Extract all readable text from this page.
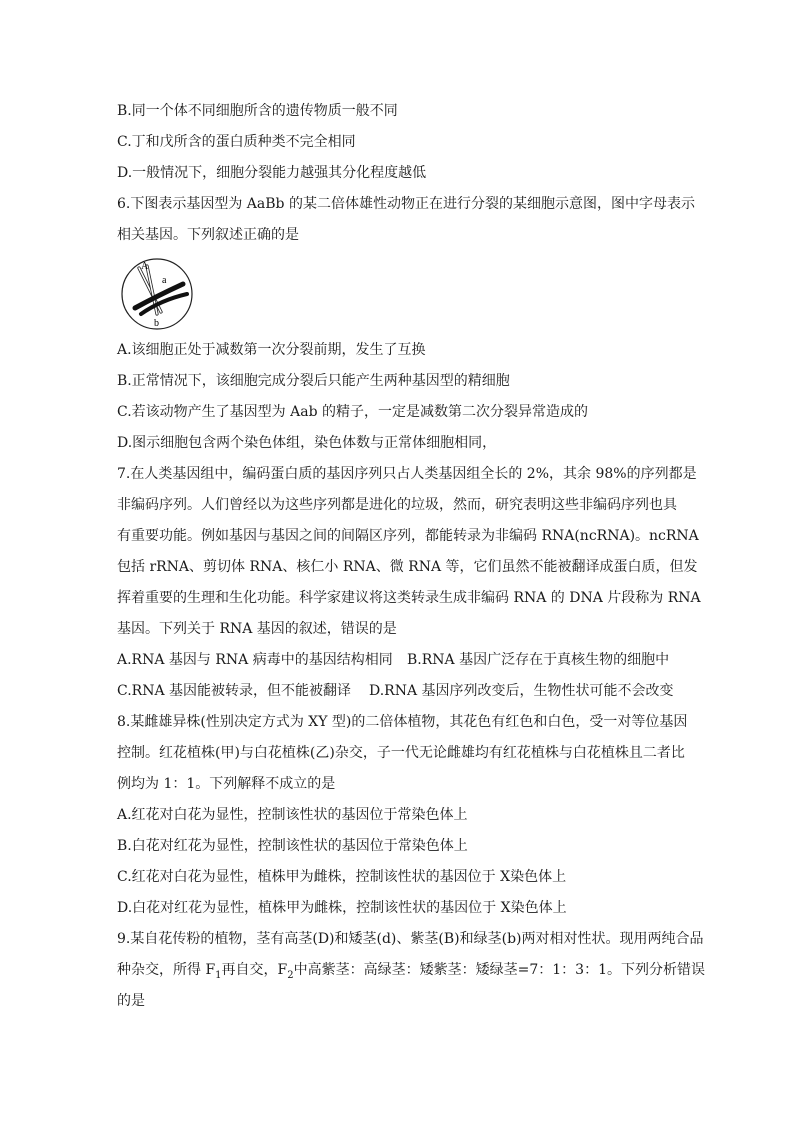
B.同一个体不同细胞所含的遗传物质一般不同
C.丁和戊所含的蛋白质种类不完全相同
D.一般情况下，细胞分裂能力越强其分化程度越低
6.下图表示基因型为 AaBb 的某二倍体雄性动物正在进行分裂的某细胞示意图，图中字母表示
相关基因。下列叙述正确的是
A
a
b
A.该细胞正处于减数第一次分裂前期，发生了互换
B.正常情况下，该细胞完成分裂后只能产生两种基因型的精细胞
C.若该动物产生了基因型为 Aab 的精子，一定是减数第二次分裂异常造成的
D.图示细胞包含两个染色体组，染色体数与正常体细胞相同，
7.在人类基因组中，编码蛋白质的基因序列只占人类基因组全长的 2%，其余 98%的序列都是
非编码序列。人们曾经以为这些序列都是进化的垃圾，然而，研究表明这些非编码序列也具
有重要功能。例如基因与基因之间的间隔区序列，都能转录为非编码 RNA(ncRNA)。ncRNA
包括 rRNA、剪切体 RNA、核仁小 RNA、微 RNA 等，它们虽然不能被翻译成蛋白质，但发
挥着重要的生理和生化功能。科学家建议将这类转录生成非编码 RNA 的 DNA 片段称为 RNA
基因。下列关于 RNA 基因的叙述，错误的是
A.RNA 基因与 RNA 病毒中的基因结构相同 B.RNA 基因广泛存在于真核生物的细胞中
C.RNA 基因能被转录，但不能被翻译 D.RNA 基因序列改变后，生物性状可能不会改变
8.某雌雄异株(性别决定方式为 XY 型)的二倍体植物，其花色有红色和白色，受一对等位基因
控制。红花植株(甲)与白花植株(乙)杂交，子一代无论雌雄均有红花植株与白花植株且二者比
例均为 1：1。下列解释不成立的是
A.红花对白花为显性，控制该性状的基因位于常染色体上
B.白花对红花为显性，控制该性状的基因位于常染色体上
C.红花对白花为显性，植株甲为雌株，控制该性状的基因位于 X染色体上
D.白花对红花为显性，植株甲为雌株，控制该性状的基因位于 X染色体上
9.某自花传粉的植物，茎有高茎(D)和矮茎(d)、紫茎(B)和绿茎(b)两对相对性状。现用两纯合品
种杂交，所得 $F_1$再自交，$F_2$中高紫茎：高绿茎：矮紫茎：矮绿茎=7：1：3：1。下列分析错误
的是
